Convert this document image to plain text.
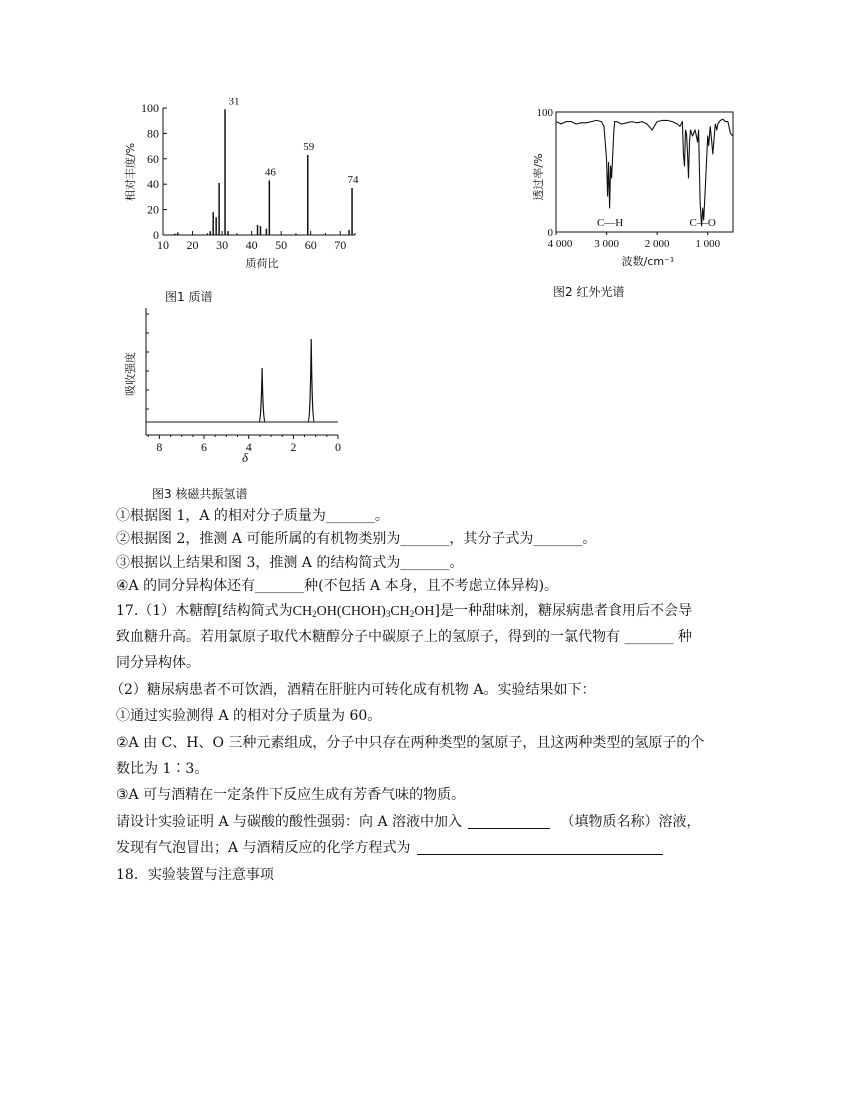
0
20
40
60
80
100
10 20 30 40 50 60 70
31
46
59
74
质荷比
相对丰度/%
图1 质谱
0
100
4 000 3 000 2 000 1 000
C—H	C—O
波数/cm⁻¹
透过率/%
图2 红外光谱
8	6	4	2	0
δ
吸收强度
图3 核磁共振氢谱
①根据图 1，A 的相对分子质量为_______。
②根据图 2，推测 A 可能所属的有机物类别为_______，其分子式为_______。
③根据以上结果和图 3，推测 A 的结构简式为_______。
④A 的同分异构体还有_______种(不包括 A 本身，且不考虑立体异构)。
17.（1）木糖醇[结构简式为$CH_2OH(CHOH)_3CH_2OH$]是一种甜味剂，糖尿病患者食用后不会导
致血糖升高。若用氯原子取代木糖醇分子中碳原子上的氢原子，得到的一氯代物有 _______ 种
同分异构体。
（2）糖尿病患者不可饮酒，酒精在肝脏内可转化成有机物 A。实验结果如下：
①通过实验测得 A 的相对分子质量为 60。
②A 由 C、H、O 三种元素组成，分子中只存在两种类型的氢原子，且这两种类型的氢原子的个
数比为 1∶3。
③A 可与酒精在一定条件下反应生成有芳香气味的物质。
请设计实验证明 A 与碳酸的酸性强弱：向 A 溶液中加入	（填物质名称）溶液，
发现有气泡冒出；A 与酒精反应的化学方程式为
18．实验装置与注意事项
